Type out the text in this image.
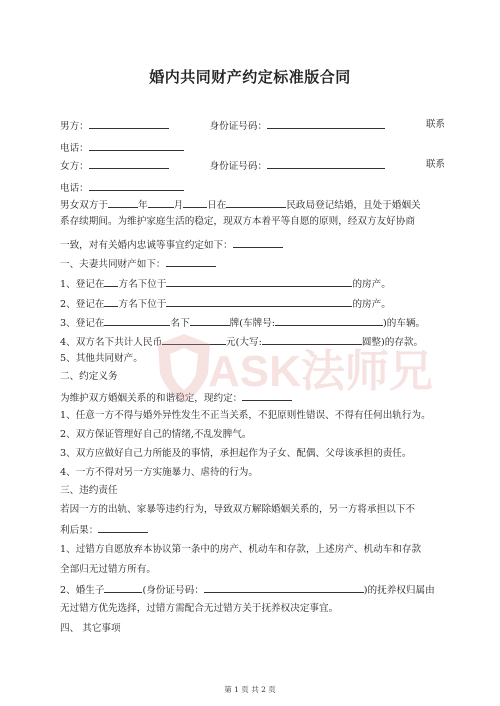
婚内共同财产约定标准版合同
男方：	身份证号码：	联系
电话：
女方：	身份证号码：	联系
电话：
男女双方于	年	月	日在	民政局登记结婚，且处于婚姻关
系存续期间。为维护家庭生活的稳定，现双方本着平等自愿的原则，经双方友好协商
一致，对有关婚内忠诚等事宜约定如下：
一、夫妻共同财产如下：
1、登记在 方名下位于	的房产。
2、登记在 方名下位于	的房产。
3、登记在	名下	牌(车牌号:	)的车辆。
4、双方名下共计人民币	元(大写:	圆整)的存款。
5、其他共同财产。
二、约定义务
为维护双方婚姻关系的和谐稳定，现约定：
1、任意一方不得与婚外异性发生不正当关系，不犯原则性错误、不得有任何出轨行为。
2、双方保证管理好自己的情绪,不乱发脾气。
3、双方应做好自己力所能及的事情，承担起作为子女、配偶、父母该承担的责任。
4、一方不得对另一方实施暴力、虐待的行为。
三、违约责任
若因一方的出轨、家暴等违约行为，导致双方解除婚姻关系的，另一方将承担以下不
利后果：
1、过错方自愿放弃本协议第一条中的房产、机动车和存款，上述房产、机动车和存款
全部归无过错方所有。
2、婚生子	(身份证号码：	)的抚养权归属由
无过错方优先选择，过错方需配合无过错方关于抚养权决定事宜。
四、 其它事项
ASK法师兄
第 1 页 共 2 页
